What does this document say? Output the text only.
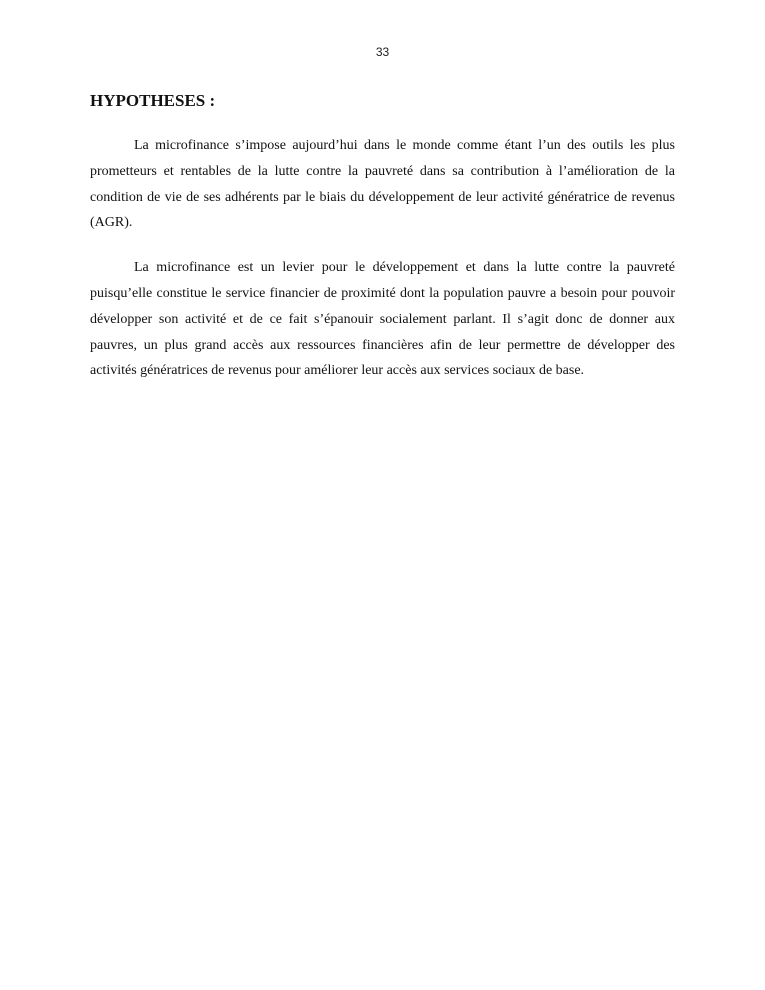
33
HYPOTHESES :

La microfinance s’impose aujourd’hui dans le monde comme étant l’un des outils les plus prometteurs et rentables de la lutte contre la pauvreté dans sa contribution à l’amélioration de la condition de vie de ses adhérents par le biais du développement de leur activité génératrice de revenus (AGR).

La microfinance est un levier pour le développement et dans la lutte contre la pauvreté puisqu’elle constitue le service financier de proximité dont la population pauvre a besoin pour pouvoir développer son activité et de ce fait s’épanouir socialement parlant. Il s’agit donc de donner aux pauvres, un plus grand accès aux ressources financières afin de leur permettre de développer des activités génératrices de revenus pour améliorer leur accès aux services sociaux de base.
